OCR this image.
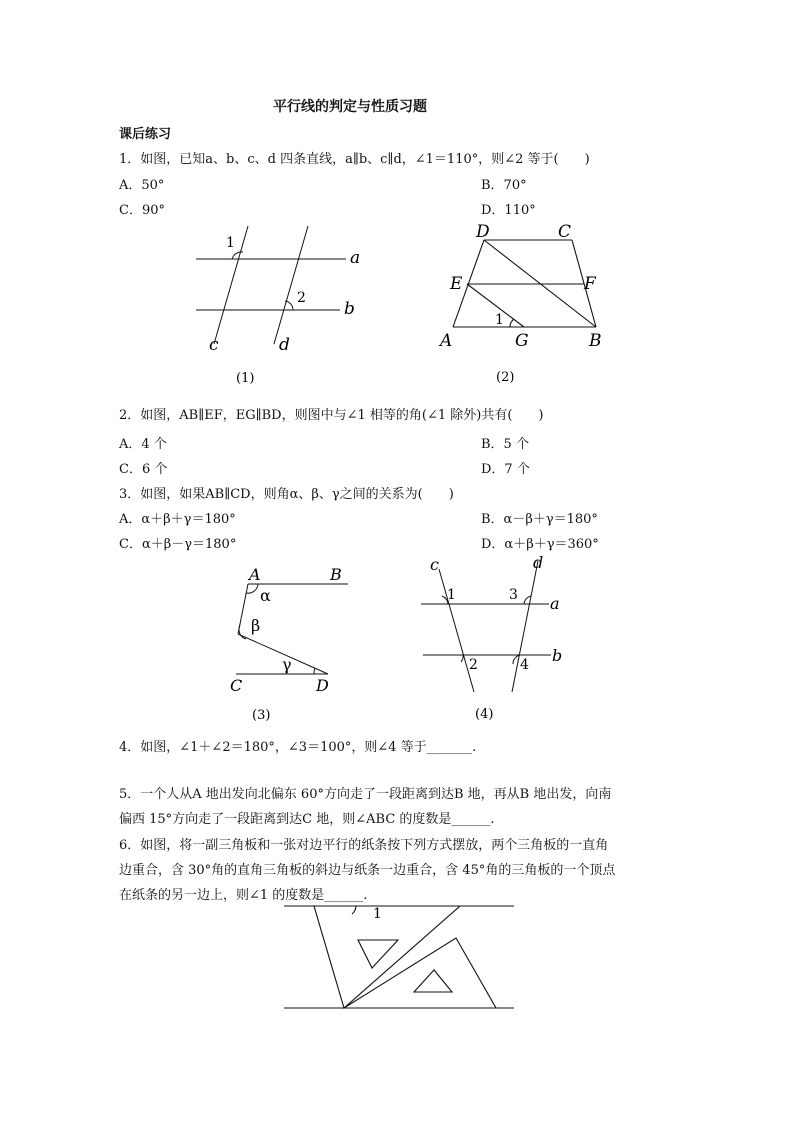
平行线的判定与性质习题
课后练习
1．如图，已知a、b、c、d 四条直线，a∥b、c∥d，∠1＝110°，则∠2 等于(　　)
A．50°	B．70°
C．90°	D．110°
a
b
c	d
1
2
(1)
D	C
E	F
A	G	B
1
(2)
2．如图，AB∥EF，EG∥BD，则图中与∠1 相等的角(∠1 除外)共有(　　)
A．4 个	B．5 个
C．6 个	D．7 个
3．如图，如果AB∥CD，则角α、β、γ之间的关系为(　　)
A．α＋β＋γ＝180°	B．α－β＋γ＝180°
C．α＋β－γ＝180°	D．α＋β＋γ＝360°
A	B
C	D
α
β
γ
(3)
c	d
a
b
1
2
3
4
(4)
4．如图，∠1＋∠2＝180°，∠3＝100°，则∠4 等于_______.
5．一个人从A 地出发向北偏东 60°方向走了一段距离到达B 地，再从B 地出发，向南
偏西 15°方向走了一段距离到达C 地，则∠ABC 的度数是______.
6．如图，将一副三角板和一张对边平行的纸条按下列方式摆放，两个三角板的一直角
边重合，含 30°角的直角三角板的斜边与纸条一边重合，含 45°角的三角板的一个顶点
在纸条的另一边上，则∠1 的度数是______.
1
